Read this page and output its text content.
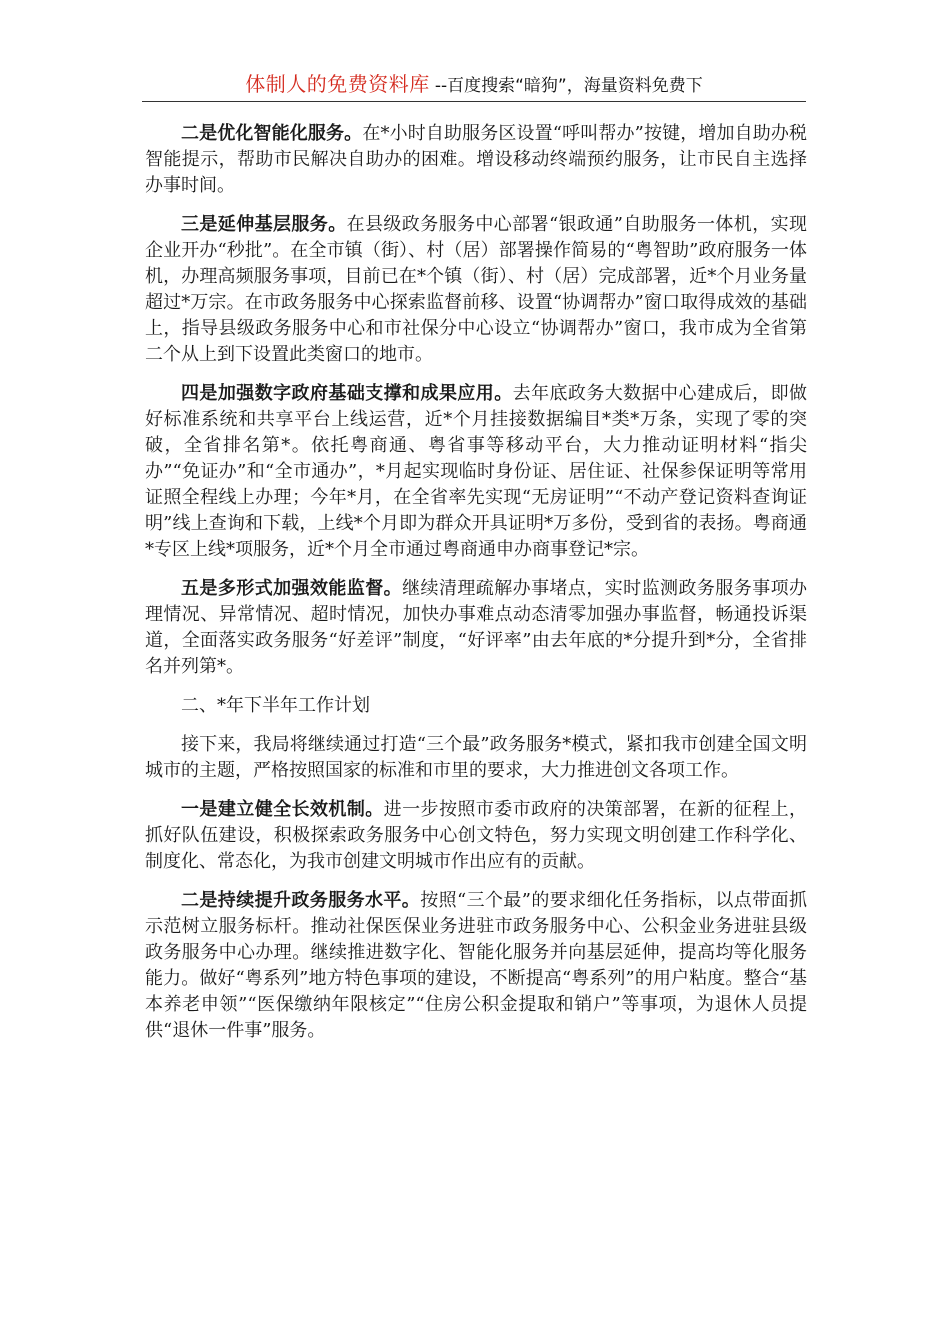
体制人的免费资料库 --百度搜索“暗狗”，海量资料免费下

二是优化智能化服务。在*小时自助服务区设置“呼叫帮办”按键，增加自助办税智能提示，帮助市民解决自助办的困难。增设移动终端预约服务，让市民自主选择办事时间。

三是延伸基层服务。在县级政务服务中心部署“银政通”自助服务一体机，实现企业开办“秒批”。在全市镇（街）、村（居）部署操作简易的“粤智助”政府服务一体机，办理高频服务事项，目前已在*个镇（街）、村（居）完成部署，近*个月业务量超过*万宗。在市政务服务中心探索监督前移、设置“协调帮办”窗口取得成效的基础上，指导县级政务服务中心和市社保分中心设立“协调帮办”窗口，我市成为全省第二个从上到下设置此类窗口的地市。

四是加强数字政府基础支撑和成果应用。去年底政务大数据中心建成后，即做好标准系统和共享平台上线运营，近*个月挂接数据编目*类*万条，实现了零的突破，全省排名第*。依托粤商通、粤省事等移动平台，大力推动证明材料“指尖办”“免证办”和“全市通办”，*月起实现临时身份证、居住证、社保参保证明等常用证照全程线上办理；今年*月，在全省率先实现“无房证明”“不动产登记资料查询证明”线上查询和下载，上线*个月即为群众开具证明*万多份，受到省的表扬。粤商通*专区上线*项服务，近*个月全市通过粤商通申办商事登记*宗。

五是多形式加强效能监督。继续清理疏解办事堵点，实时监测政务服务事项办理情况、异常情况、超时情况，加快办事难点动态清零加强办事监督，畅通投诉渠道，全面落实政务服务“好差评”制度，“好评率”由去年底的*分提升到*分，全省排名并列第*。

二、*年下半年工作计划

接下来，我局将继续通过打造“三个最”政务服务*模式，紧扣我市创建全国文明城市的主题，严格按照国家的标准和市里的要求，大力推进创文各项工作。

一是建立健全长效机制。进一步按照市委市政府的决策部署，在新的征程上，抓好队伍建设，积极探索政务服务中心创文特色，努力实现文明创建工作科学化、制度化、常态化，为我市创建文明城市作出应有的贡献。

二是持续提升政务服务水平。按照“三个最”的要求细化任务指标，以点带面抓示范树立服务标杆。推动社保医保业务进驻市政务服务中心、公积金业务进驻县级政务服务中心办理。继续推进数字化、智能化服务并向基层延伸，提高均等化服务能力。做好“粤系列”地方特色事项的建设，不断提高“粤系列”的用户粘度。整合“基本养老申领”“医保缴纳年限核定”“住房公积金提取和销户”等事项，为退休人员提供“退休一件事”服务。
